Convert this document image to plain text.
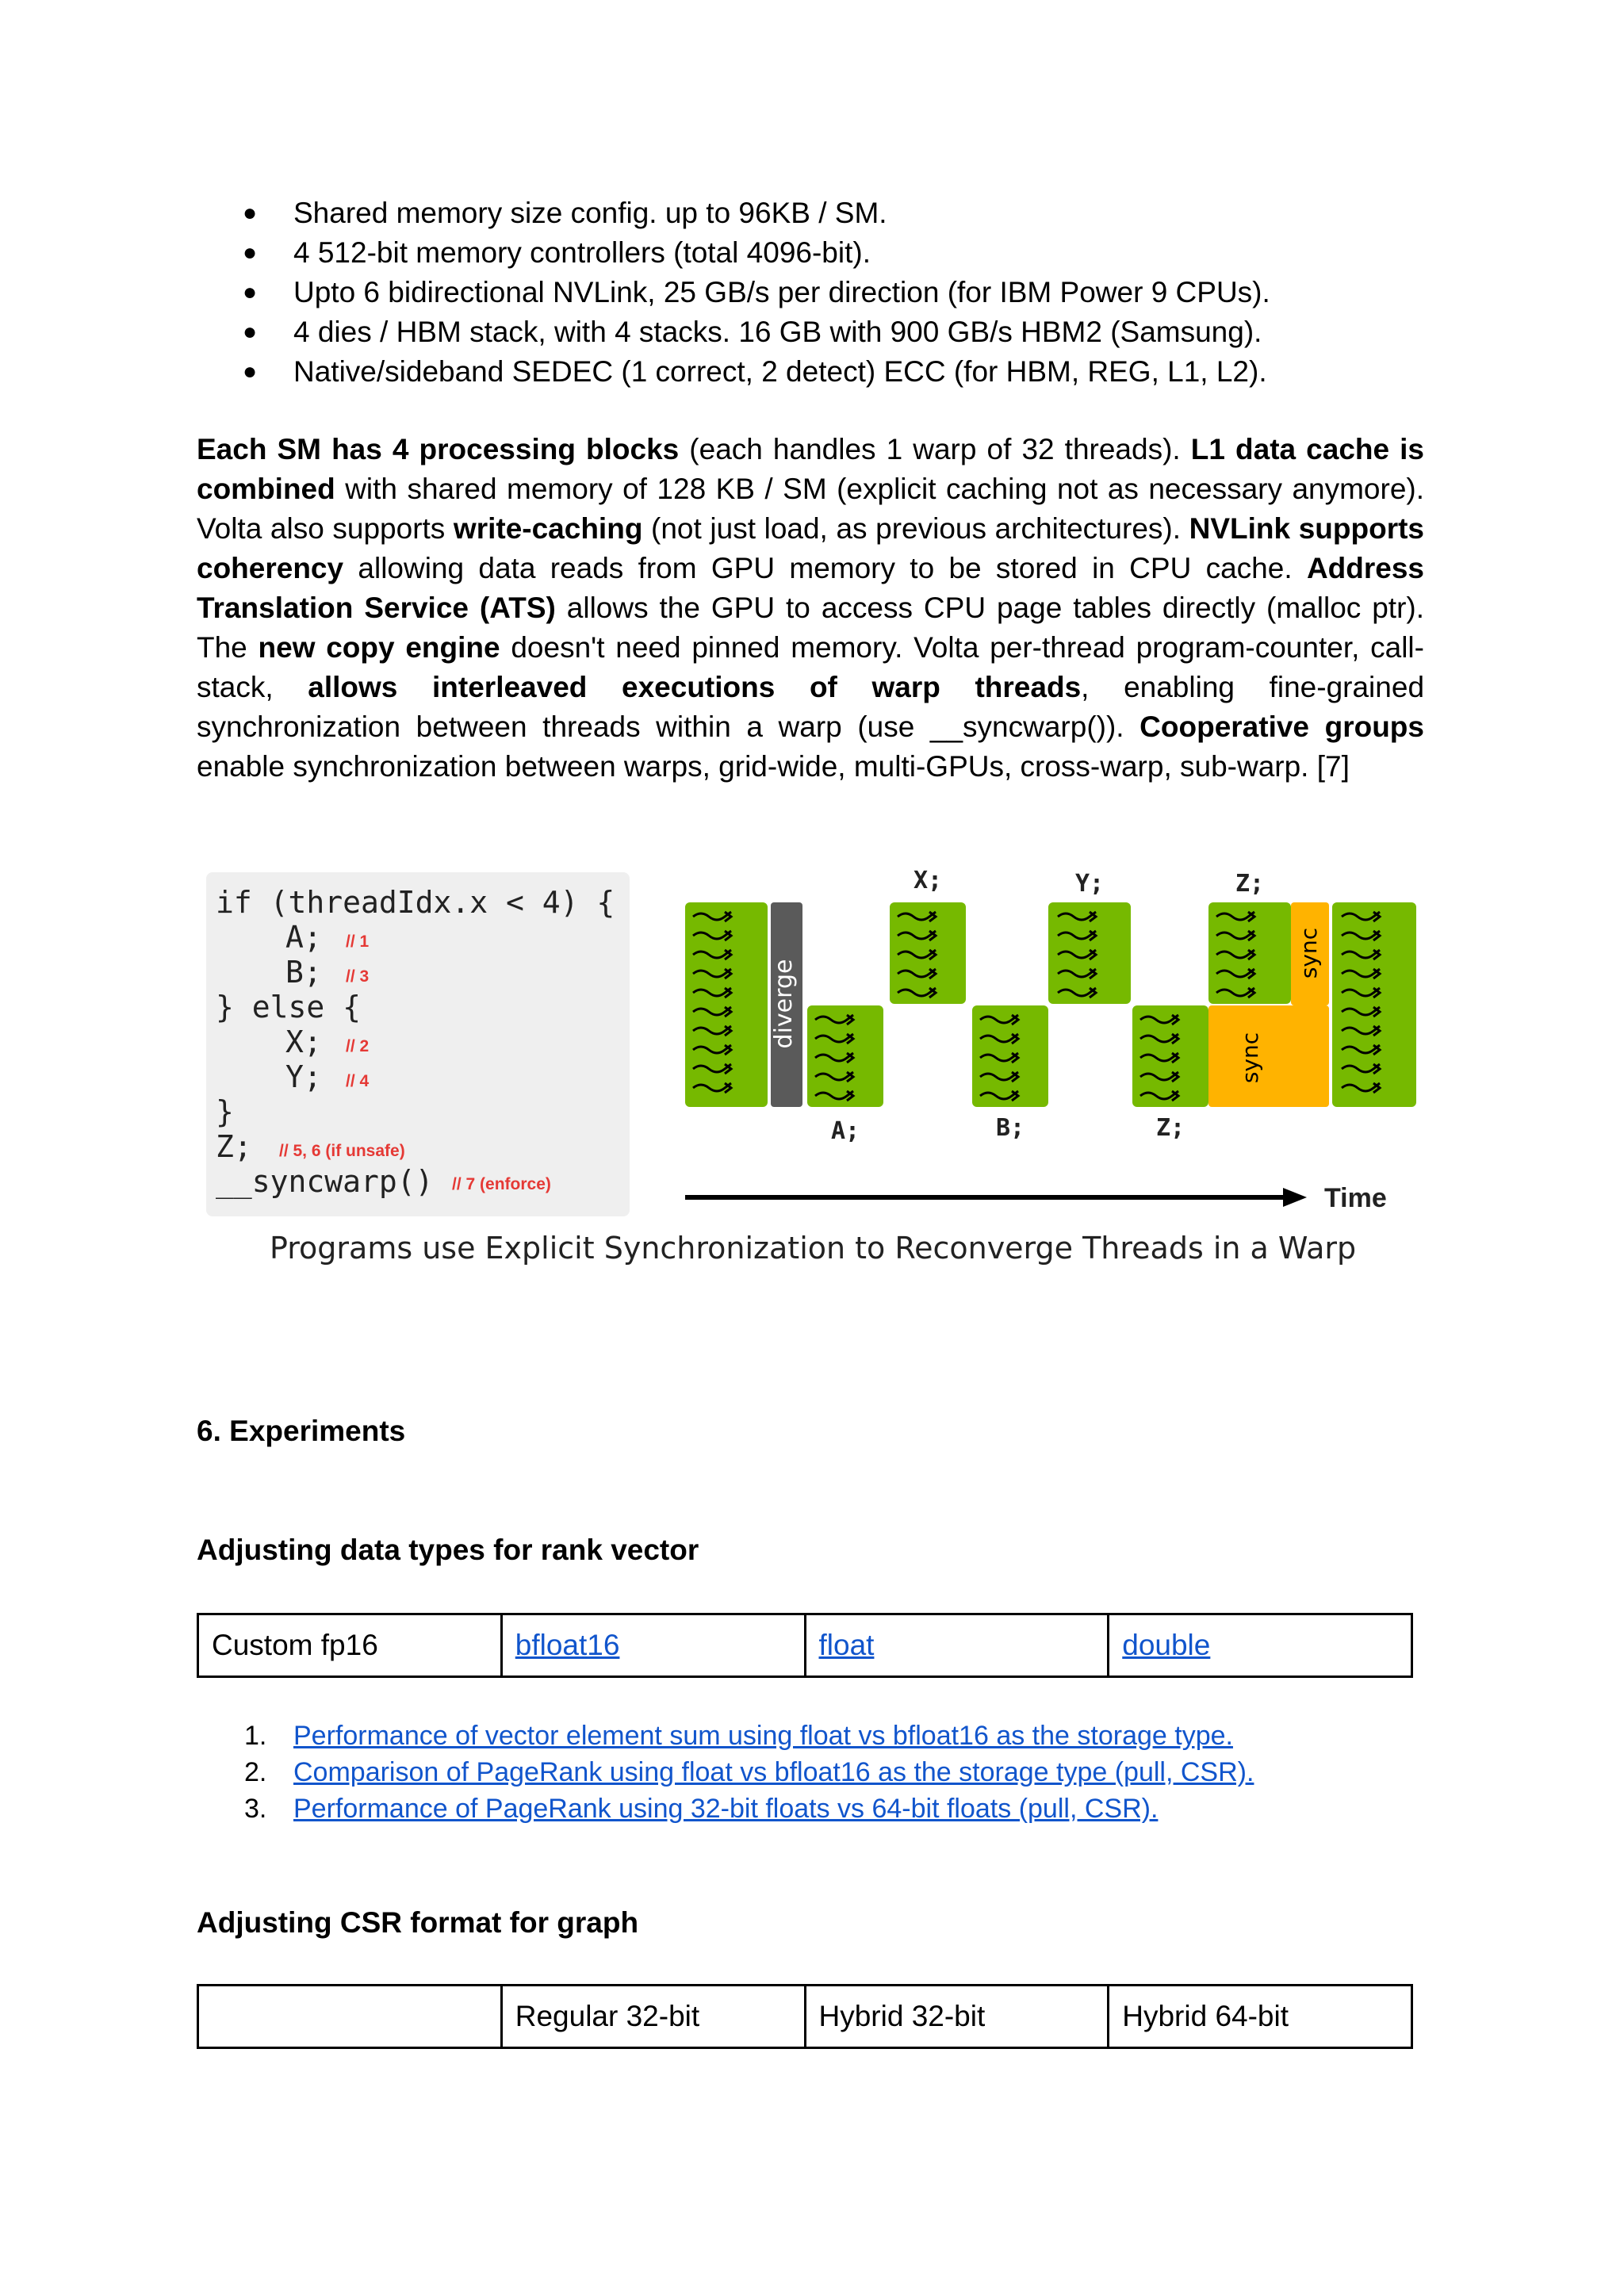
● Shared memory size config. up to 96KB / SM.
● 4 512-bit memory controllers (total 4096-bit).
● Upto 6 bidirectional NVLink, 25 GB/s per direction (for IBM Power 9 CPUs).
● 4 dies / HBM stack, with 4 stacks. 16 GB with 900 GB/s HBM2 (Samsung).
● Native/sideband SEDEC (1 correct, 2 detect) ECC (for HBM, REG, L1, L2).

Each SM has 4 processing blocks (each handles 1 warp of 32 threads). L1 data cache is combined with shared memory of 128 KB / SM (explicit caching not as necessary anymore). Volta also supports write-caching (not just load, as previous architectures). NVLink supports coherency allowing data reads from GPU memory to be stored in CPU cache. Address Translation Service (ATS) allows the GPU to access CPU page tables directly (malloc ptr). The new copy engine doesn't need pinned memory. Volta per-thread program-counter, call-stack, allows interleaved executions of warp threads, enabling fine-grained synchronization between threads within a warp (use __syncwarp()). Cooperative groups enable synchronization between warps, grid-wide, multi-GPUs, cross-warp, sub-warp. [7]

if (threadIdx.x < 4) {
A; // 1
B; // 3
} else {
X; // 2
Y; // 4
}
Z; // 5, 6 (if unsafe)
__syncwarp() // 7 (enforce)
diverge
sync
sync
X;	Y;	Z;
A;	B;	Z;
Time
Programs use Explicit Synchronization to Reconverge Threads in a Warp
6. Experiments
Adjusting data types for rank vector
Custom fp16	bfloat16	float	double
1. Performance of vector element sum using float vs bfloat16 as the storage type.
2. Comparison of PageRank using float vs bfloat16 as the storage type (pull, CSR).
3. Performance of PageRank using 32-bit floats vs 64-bit floats (pull, CSR).
Adjusting CSR format for graph
	Regular 32-bit	Hybrid 32-bit	Hybrid 64-bit
